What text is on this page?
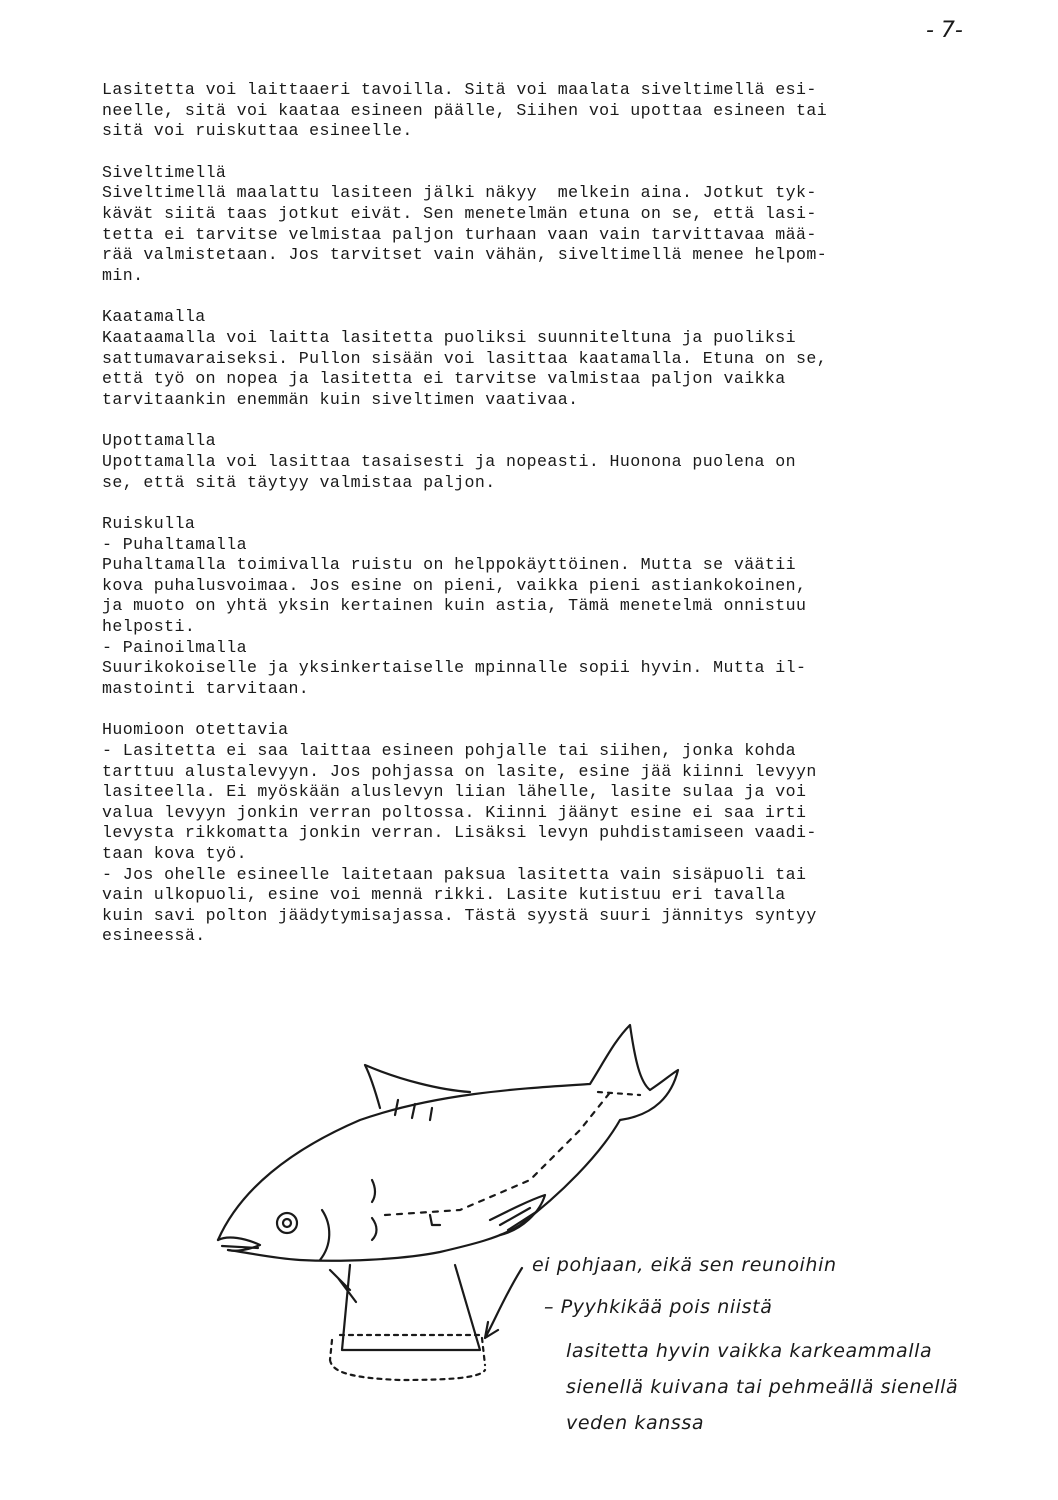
- 7-
Lasitetta voi laittaaeri tavoilla. Sitä voi maalata siveltimellä esi-
neelle, sitä voi kaataa esineen päälle, Siihen voi upottaa esineen tai
sitä voi ruiskuttaa esineelle.
Siveltimellä
Siveltimellä maalattu lasiteen jälki näkyy  melkein aina. Jotkut tyk-
kävät siitä taas jotkut eivät. Sen menetelmän etuna on se, että lasi-
tetta ei tarvitse velmistaa paljon turhaan vaan vain tarvittavaa mää-
rää valmistetaan. Jos tarvitset vain vähän, siveltimellä menee helpom-
min.
Kaatamalla
Kaataamalla voi laitta lasitetta puoliksi suunniteltuna ja puoliksi
sattumavaraiseksi. Pullon sisään voi lasittaa kaatamalla. Etuna on se,
että työ on nopea ja lasitetta ei tarvitse valmistaa paljon vaikka
tarvitaankin enemmän kuin siveltimen vaativaa.
Upottamalla
Upottamalla voi lasittaa tasaisesti ja nopeasti. Huonona puolena on
se, että sitä täytyy valmistaa paljon.
Ruiskulla
- Puhaltamalla
Puhaltamalla toimivalla ruistu on helppokäyttöinen. Mutta se väätii
kova puhalusvoimaa. Jos esine on pieni, vaikka pieni astiankokoinen,
ja muoto on yhtä yksin kertainen kuin astia, Tämä menetelmä onnistuu
helposti.
- Painoilmalla
Suurikokoiselle ja yksinkertaiselle mpinnalle sopii hyvin. Mutta il-
mastointi tarvitaan.
Huomioon otettavia
- Lasitetta ei saa laittaa esineen pohjalle tai siihen, jonka kohda
tarttuu alustalevyyn. Jos pohjassa on lasite, esine jää kiinni levyyn
lasiteella. Ei myöskään aluslevyn liian lähelle, lasite sulaa ja voi
valua levyyn jonkin verran poltossa. Kiinni jäänyt esine ei saa irti
levysta rikkomatta jonkin verran. Lisäksi levyn puhdistamiseen vaadi-
taan kova työ.
- Jos ohelle esineelle laitetaan paksua lasitetta vain sisäpuoli tai
vain ulkopuoli, esine voi mennä rikki. Lasite kutistuu eri tavalla
kuin savi polton jäädytymisajassa. Tästä syystä suuri jännitys syntyy
esineessä.
ei pohjaan, eikä sen reunoihin
– Pyyhkikää pois niistä
lasitetta hyvin vaikka karkeammalla
sienellä kuivana tai pehmeällä sienellä
veden kanssa
